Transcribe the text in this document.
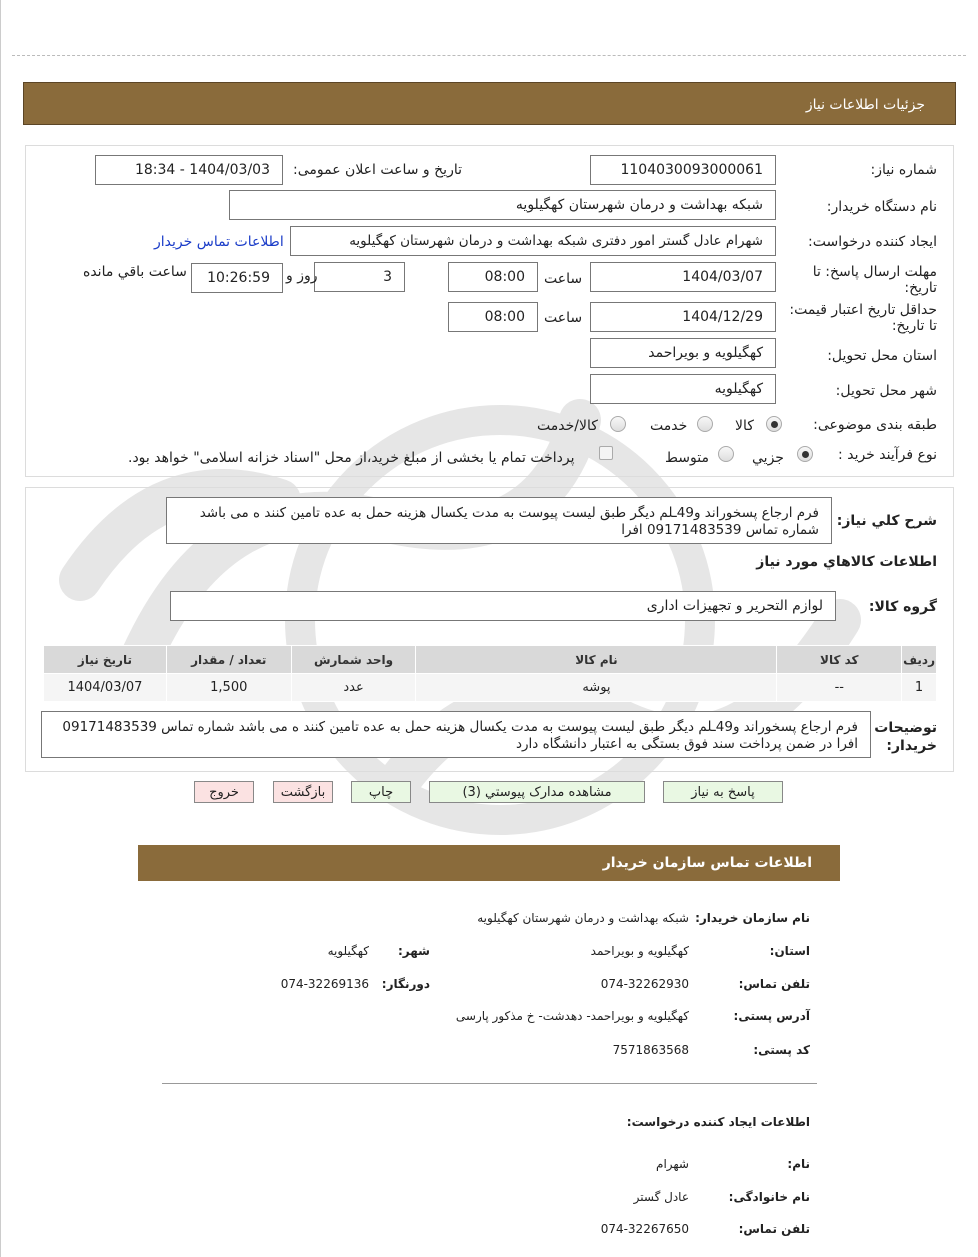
جزئیات اطلاعات نیاز
شماره نیاز:
1104030093000061
تاریخ و ساعت اعلان عمومی:
1404/03/03 - 18:34
نام دستگاه خریدار:
شبکه بهداشت و درمان شهرستان کهگیلویه
ایجاد کننده درخواست:
شهرام عادل گستر امور دفتری شبکه بهداشت و درمان شهرستان کهگیلویه
اطلاعات تماس خریدار
مهلت ارسال پاسخ: تا تاریخ:
1404/03/07
ساعت
08:00
3
روز و
10:26:59
ساعت باقي مانده
حداقل تاریخ اعتبار قیمت: تا تاریخ:
1404/12/29
ساعت
08:00
استان محل تحویل:
کهگیلویه و بویراحمد
شهر محل تحویل:
کهگیلویه
طبقه بندی موضوعی:
کالا
خدمت
کالا/خدمت
نوع فرآیند خرید :
جزیي
متوسط
پرداخت تمام یا بخشی از مبلغ خرید،از محل "اسناد خزانه اسلامی" خواهد بود.
شرح كلي نياز:
فرم ارجاع پسخوراند و49ـلم دیگر طبق لیست پیوست به مدت یکسال هزینه حمل به عده تامین کنند ه می باشد شماره تماس 09171483539 افرا
اطلاعات كالاهاي مورد نياز
گروه کالا:
لوازم التحریر و تجهیزات اداری
رديف	کد کالا	نام کالا	واحد شمارش	تعداد / مقدار	تاریخ نیاز
1	--	پوشه	عدد	1,500	1404/03/07
توضیحات خریدار:
فرم ارجاع پسخوراند و49ـلم دیگر طبق لیست پیوست به مدت یکسال هزینه حمل به عده تامین کنند ه می باشد شماره تماس 09171483539 افرا در ضمن پرداخت سند فوق بستگی به اعتبار دانشگاه دارد
پاسخ به نیاز
مشاهده مدارک پیوستي (3)
چاپ
بازگشت
خروج
اطلاعات تماس سازمان خریدار
نام سازمان خریدار:
شبکه بهداشت و درمان شهرستان کهگیلویه
استان:
کهگیلویه و بویراحمد
شهر:
کهگیلویه
تلفن تماس:
074-32262930
دورنگار:
074-32269136
آدرس پستی:
کهگیلویه و بویراحمد- دهدشت- خ مذکور پارسی
کد پستی:
7571863568
اطلاعات ایجاد کننده درخواست:
نام:
شهرام
نام خانوادگی:
عادل گستر
تلفن تماس:
074-32267650
